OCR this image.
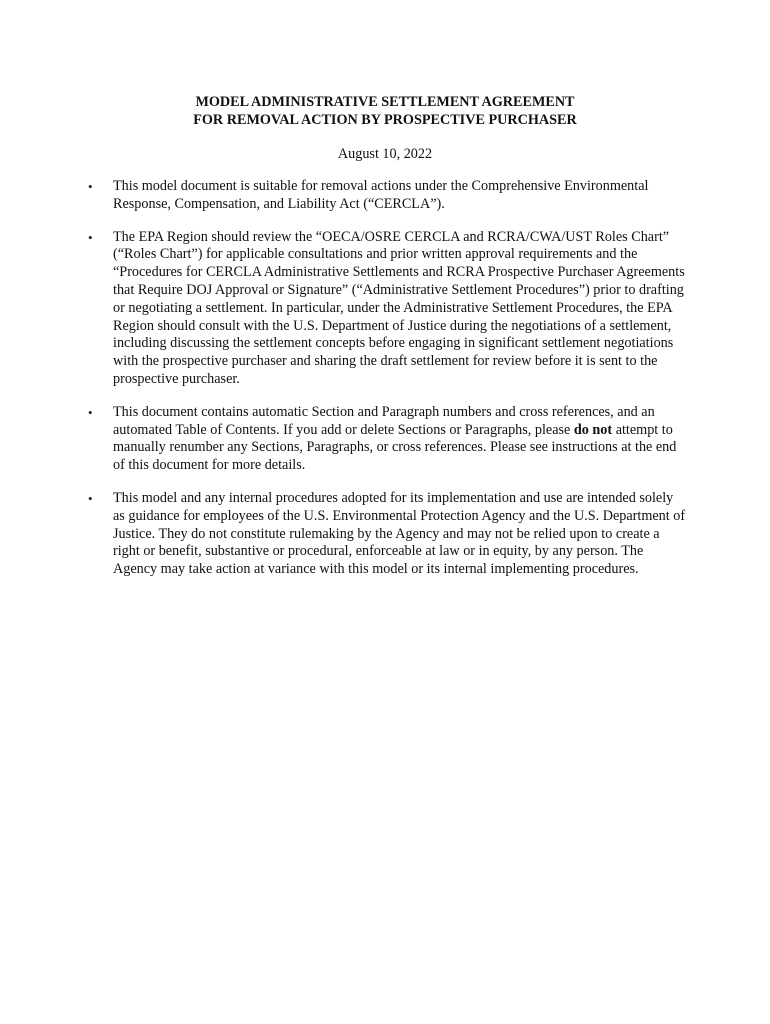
MODEL ADMINISTRATIVE SETTLEMENT AGREEMENT

FOR REMOVAL ACTION BY PROSPECTIVE PURCHASER

August 10, 2022

•	This model document is suitable for removal actions under the Comprehensive Environmental Response, Compensation, and Liability Act (“CERCLA”).
•	The EPA Region should review the “OECA/OSRE CERCLA and RCRA/CWA/UST Roles Chart” (“Roles Chart”) for applicable consultations and prior written approval requirements and the “Procedures for CERCLA Administrative Settlements and RCRA Prospective Purchaser Agreements that Require DOJ Approval or Signature” (“Administrative Settlement Procedures”) prior to drafting or negotiating a settlement. In particular, under the Administrative Settlement Procedures, the EPA Region should consult with the U.S. Department of Justice during the negotiations of a settlement, including discussing the settlement concepts before engaging in significant settlement negotiations with the prospective purchaser and sharing the draft settlement for review before it is sent to the prospective purchaser.
•	This document contains automatic Section and Paragraph numbers and cross references, and an automated Table of Contents. If you add or delete Sections or Paragraphs, please do not attempt to manually renumber any Sections, Paragraphs, or cross references. Please see instructions at the end of this document for more details.
•	This model and any internal procedures adopted for its implementation and use are intended solely as guidance for employees of the U.S. Environmental Protection Agency and the U.S. Department of Justice. They do not constitute rulemaking by the Agency and may not be relied upon to create a right or benefit, substantive or procedural, enforceable at law or in equity, by any person. The Agency may take action at variance with this model or its internal implementing procedures.
